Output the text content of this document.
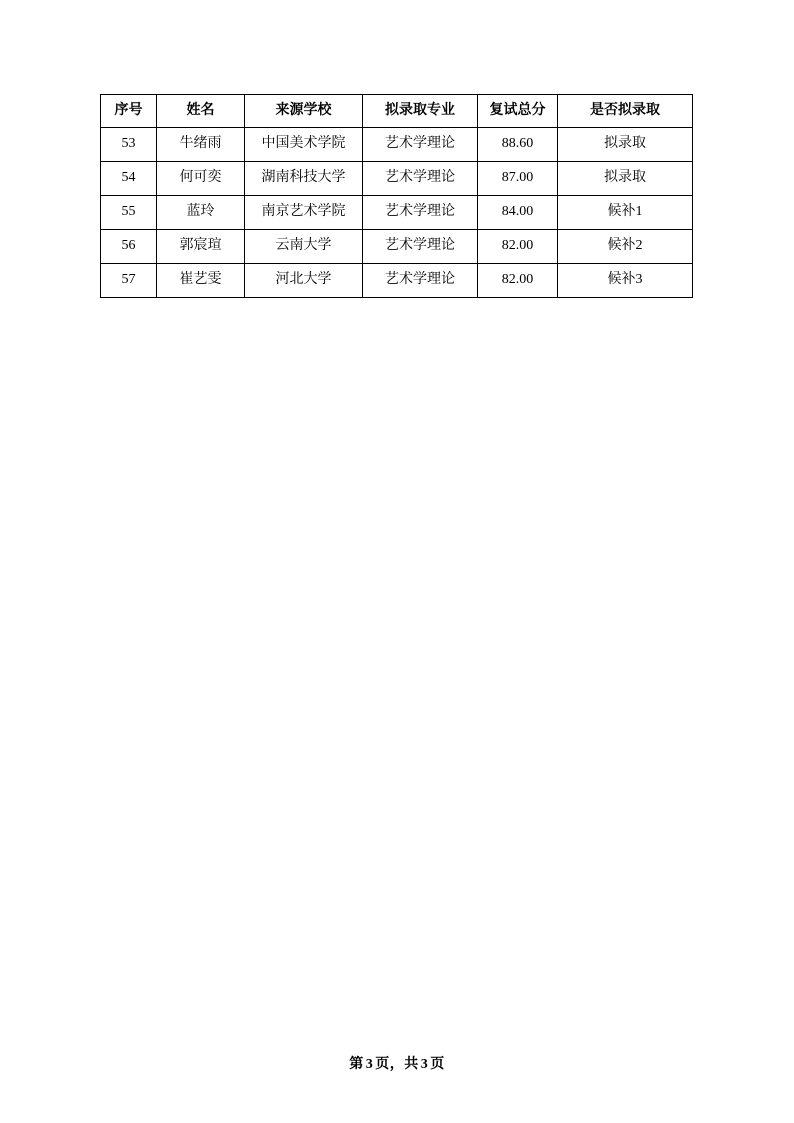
序号	姓名	来源学校	拟录取专业	复试总分	是否拟录取
53	牛绪雨	中国美术学院	艺术学理论	88.60	拟录取
54	何可奕	湖南科技大学	艺术学理论	87.00	拟录取
55	蓝玲	南京艺术学院	艺术学理论	84.00	候补1
56	郭宸瑄	云南大学	艺术学理论	82.00	候补2
57	崔艺雯	河北大学	艺术学理论	82.00	候补3
第 3 页，共 3 页
